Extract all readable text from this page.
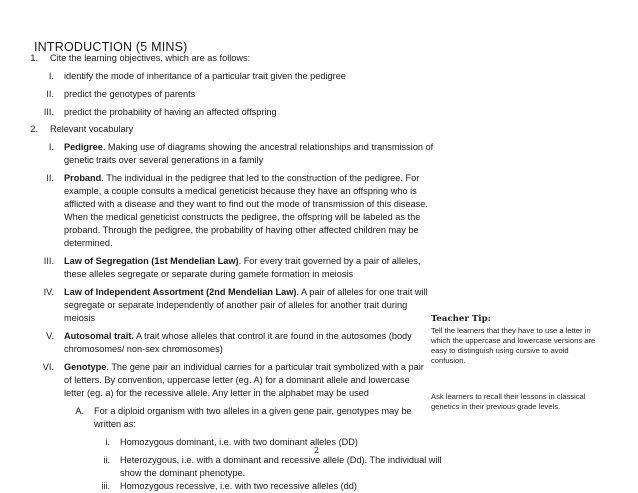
INTRODUCTION (5 MINS)
1. Cite the learning objectives, which are as follows:
I. identify the mode of inheritance of a particular trait given the pedigree
II. predict the genotypes of parents
III. predict the probability of having an affected offspring
2. Relevant vocabulary
I. Pedigree. Making use of diagrams showing the ancestral relationships and transmission of
genetic traits over several generations in a family
II. Proband. The individual in the pedigree that led to the construction of the pedigree. For
example, a couple consults a medical geneticist because they have an offspring who is
afflicted with a disease and they want to find out the mode of transmission of this disease.
When the medical geneticist constructs the pedigree, the offspring will be labeled as the
proband. Through the pedigree, the probability of having other affected children may be
determined.
III. Law of Segregation (1st Mendelian Law). For every trait governed by a pair of alleles,
these alleles segregate or separate during gamete formation in meiosis
IV. Law of Independent Assortment (2nd Mendelian Law). A pair of alleles for one trait will
segregate or separate independently of another pair of alleles for another trait during
meiosis
V. Autosomal trait. A trait whose alleles that control it are found in the autosomes (body
chromosomes/ non-sex chromosomes)
VI. Genotype. The gene pair an individual carries for a particular trait symbolized with a pair
of letters. By convention, uppercase letter (eg. A) for a dominant allele and lowercase
letter (eg. a) for the recessive allele. Any letter in the alphabet may be used
A. For a diploid organism with two alleles in a given gene pair, genotypes may be
written as:
i. Homozygous dominant, i.e. with two dominant alleles (DD)
ii. Heterozygous, i.e. with a dominant and recessive allele (Dd). The individual will
show the dominant phenotype.
iii. Homozygous recessive, i.e. with two recessive alleles (dd)
Teacher Tip:
Tell the learners that they have to use a letter in
which the uppercase and lowercase versions are
easy to distinguish using cursive to avoid
confusion.
Ask learners to recall their lessons in classical
genetics in their previous grade levels.
2
